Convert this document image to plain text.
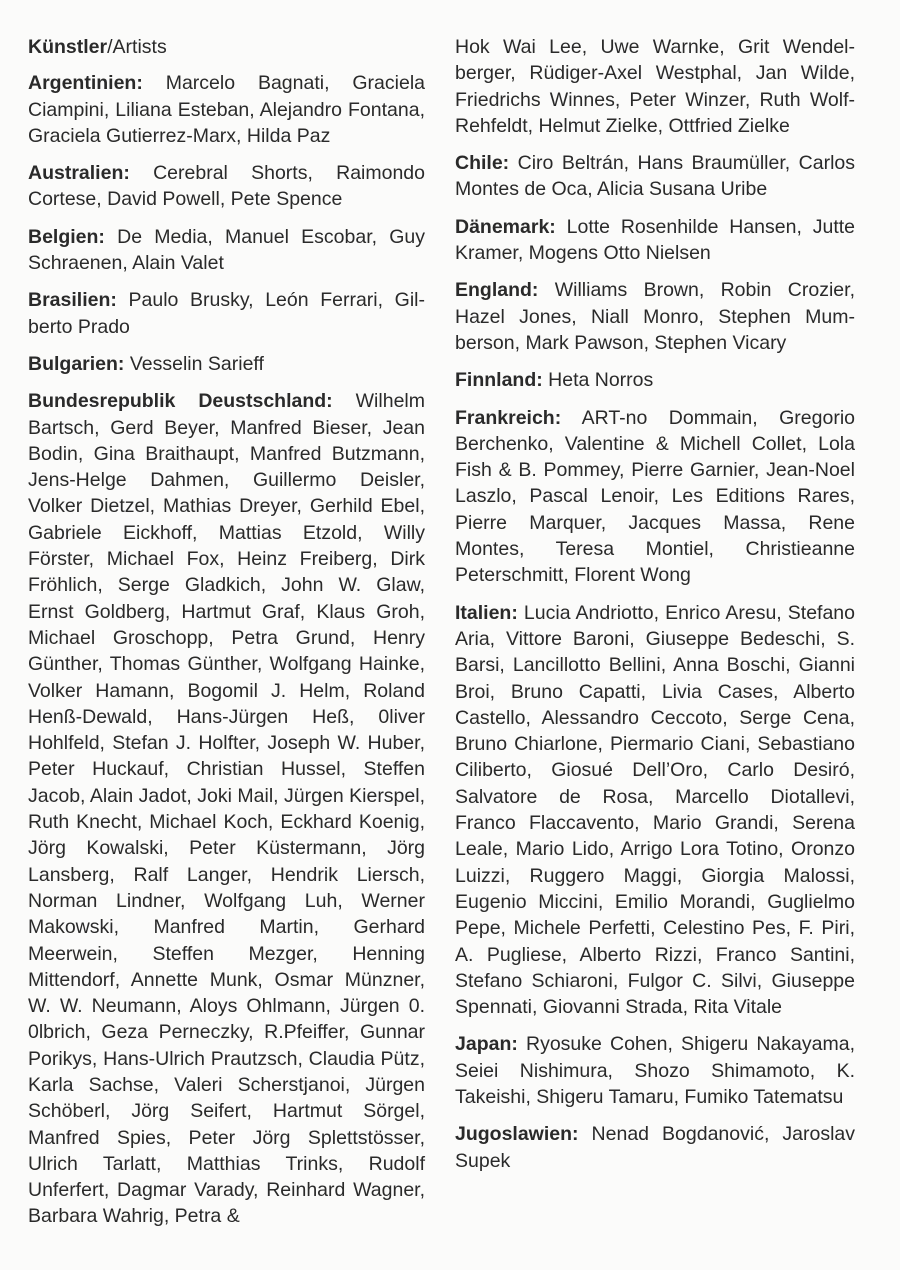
Künstler/Artists

Argentinien: Marcelo Bagnati, Graciela Ciampini, Liliana Esteban, Alejandro Fontana, Graciela Gutierrez-Marx, Hilda Paz

Australien: Cerebral Shorts, Raimondo Cortese, David Powell, Pete Spence

Belgien: De Media, Manuel Escobar, Guy Schraenen, Alain Valet

Brasilien: Paulo Brusky, León Ferrari, Gilberto Prado

Bulgarien: Vesselin Sarieff

Bundesrepublik Deustschland: Wilhelm Bartsch, Gerd Beyer, Manfred Bieser, Jean Bodin, Gina Braithaupt, Manfred Butzmann, Jens-Helge Dahmen, Guillermo Deisler, Volker Dietzel, Mathias Dreyer, Gerhild Ebel, Gabriele Eickhoff, Mattias Etzold, Willy Förster, Michael Fox, Heinz Freiberg, Dirk Fröhlich, Serge Gladkich, John W. Glaw, Ernst Goldberg, Hartmut Graf, Klaus Groh, Michael Groschopp, Petra Grund, Henry Günther, Thomas Günther, Wolfgang Hainke, Volker Hamann, Bogomil J. Helm, Roland Henß-Dewald, Hans-Jürgen Heß, 0liver Hohlfeld, Stefan J. Holfter, Joseph W. Huber, Peter Huckauf, Christian Hussel, Steffen Jacob, Alain Jadot, Joki Mail, Jürgen Kierspel, Ruth Knecht, Michael Koch, Eckhard Koenig, Jörg Kowalski, Peter Küstermann, Jörg Lansberg, Ralf Langer, Hendrik Liersch, Norman Lindner, Wolfgang Luh, Werner Makowski, Manfred Martin, Gerhard Meerwein, Steffen Mezger, Henning Mittendorf, Annette Munk, Osmar Münzner, W. W. Neumann, Aloys Ohlmann, Jürgen 0. 0lbrich, Geza Perneczky, R.Pfeiffer, Gunnar Porikys, Hans-Ulrich Prautzsch, Claudia Pütz, Karla Sachse, Valeri Scherstjanoi, Jürgen Schöberl, Jörg Seifert, Hartmut Sörgel, Manfred Spies, Peter Jörg Splettstösser, Ulrich Tarlatt, Matthias Trinks, Rudolf Unferfert, Dagmar Varady, Reinhard Wagner, Barbara Wahrig, Petra &

Hok Wai Lee, Uwe Warnke, Grit Wendelberger, Rüdiger-Axel Westphal, Jan Wilde, Friedrichs Winnes, Peter Winzer, Ruth Wolf-Rehfeldt, Helmut Zielke, Ottfried Zielke

Chile: Ciro Beltrán, Hans Braumüller, Carlos Montes de Oca, Alicia Susana Uribe

Dänemark: Lotte Rosenhilde Hansen, Jutte Kramer, Mogens Otto Nielsen

England: Williams Brown, Robin Crozier, Hazel Jones, Niall Monro, Stephen Mumberson, Mark Pawson, Stephen Vicary

Finnland: Heta Norros

Frankreich: ART-no Dommain, Gregorio Berchenko, Valentine & Michell Collet, Lola Fish & B. Pommey, Pierre Garnier, Jean-Noel Laszlo, Pascal Lenoir, Les Editions Rares, Pierre Marquer, Jacques Massa, Rene Montes, Teresa Montiel, Christieanne Peterschmitt, Florent Wong

Italien: Lucia Andriotto, Enrico Aresu, Stefano Aria, Vittore Baroni, Giuseppe Bedeschi, S. Barsi, Lancillotto Bellini, Anna Boschi, Gianni Broi, Bruno Capatti, Livia Cases, Alberto Castello, Alessandro Ceccoto, Serge Cena, Bruno Chiarlone, Piermario Ciani, Sebastiano Ciliberto, Giosué Dell’Oro, Carlo Desiró, Salvatore de Rosa, Marcello Diotallevi, Franco Flaccavento, Mario Grandi, Serena Leale, Mario Lido, Arrigo Lora Totino, Oronzo Luizzi, Ruggero Maggi, Giorgia Malossi, Eugenio Miccini, Emilio Morandi, Guglielmo Pepe, Michele Perfetti, Celestino Pes, F. Piri, A. Pugliese, Alberto Rizzi, Franco Santini, Stefano Schiaroni, Fulgor C. Silvi, Giuseppe Spennati, Giovanni Strada, Rita Vitale

Japan: Ryosuke Cohen, Shigeru Nakayama, Seiei Nishimura, Shozo Shimamoto, K. Takeishi, Shigeru Tamaru, Fumiko Tatematsu

Jugoslawien: Nenad Bogdanović, Jaroslav Supek
